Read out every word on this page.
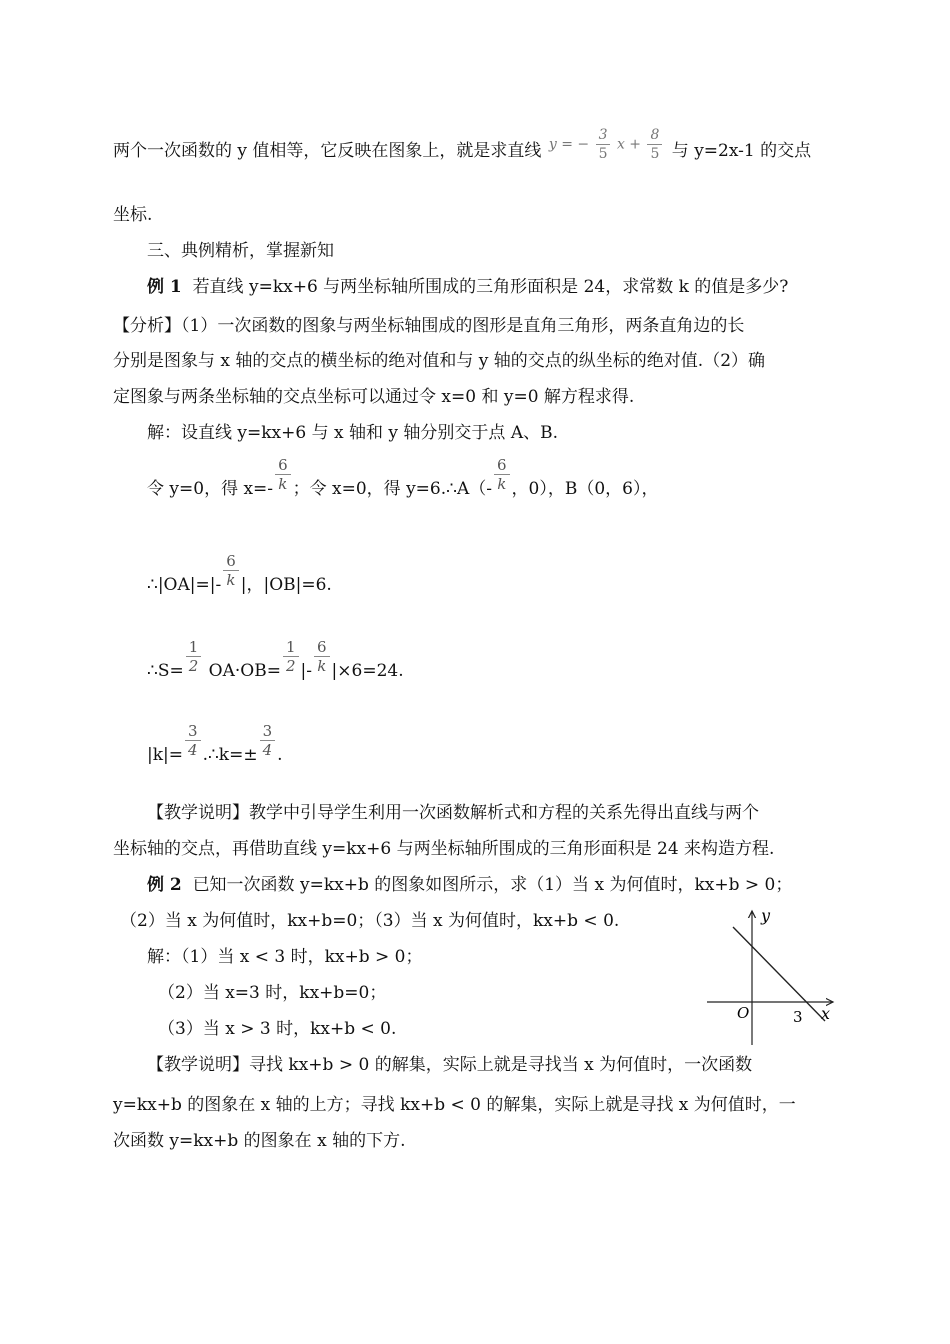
两个一次函数的 y 值相等，它反映在图象上，就是求直线 y = − $\frac{3}{5}$ $x + \frac{8}{5}$ 与 y=2x-1 的交点
坐标.
三、典例精析，掌握新知
例 1 若直线 y=kx+6 与两坐标轴所围成的三角形面积是 24，求常数 k 的值是多少?
【分析】（1）一次函数的图象与两坐标轴围成的图形是直角三角形，两条直角边的长
分别是图象与 x 轴的交点的横坐标的绝对值和与 y 轴的交点的纵坐标的绝对值.（2）确
定图象与两条坐标轴的交点坐标可以通过令 x=0 和 y=0 解方程求得.
解：设直线 y=kx+6 与 x 轴和 y 轴分别交于点 A、B.
令 y=0，得 $x=- \frac{6}{k}$ ；令 x=0，得 y=6.∴A（- $\frac{6}{k}$ ，0），B（0，6），
∴|OA|=|- $\frac{6}{k}$ |，|OB|=6.
∴S= $\frac{1}{2} OA\cdot OB= \frac{1}{2}$ |- $\frac{6}{k} |\times 6=24$.
$|k|= \frac{3}{4}$ .∴k=± $\frac{3}{4}$ .
【教学说明】教学中引导学生利用一次函数解析式和方程的关系先得出直线与两个
坐标轴的交点，再借助直线 y=kx+6 与两坐标轴所围成的三角形面积是 24 来构造方程.
例 2 已知一次函数 y=kx+b 的图象如图所示，求（1）当 x 为何值时，kx+b > 0；
（2）当 x 为何值时，kx+b=0；（3）当 x 为何值时，kx+b < 0.
解：（1）当 x < 3 时，kx+b > 0；
（2）当 x=3 时，kx+b=0；
（3）当 x > 3 时，kx+b < 0.
y
x
O	3
【教学说明】寻找 kx+b > 0 的解集，实际上就是寻找当 x 为何值时，一次函数
y=kx+b 的图象在 x 轴的上方；寻找 kx+b < 0 的解集，实际上就是寻找 x 为何值时，一
次函数 y=kx+b 的图象在 x 轴的下方.
